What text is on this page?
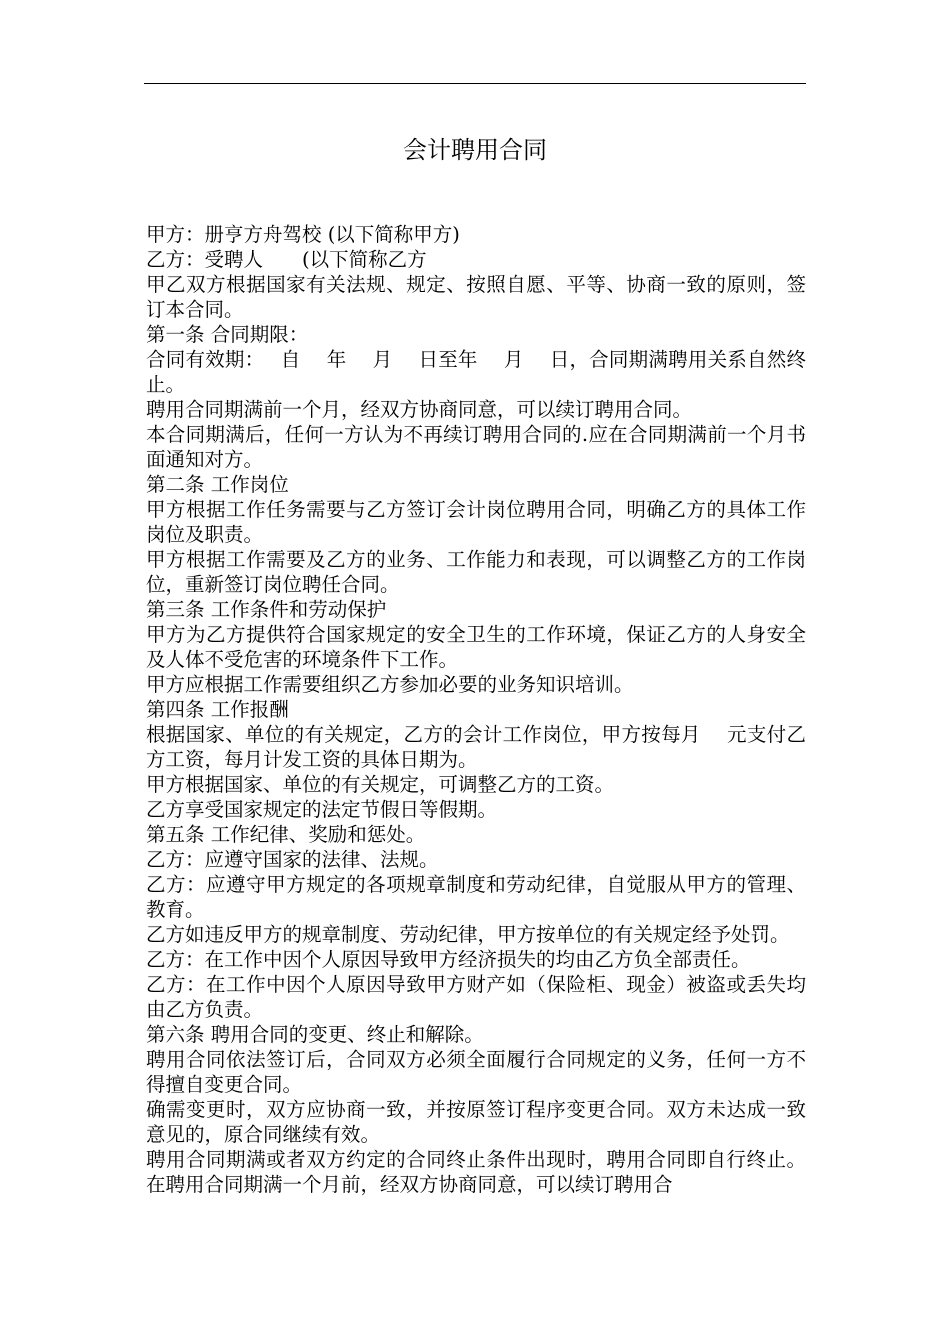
会计聘用合同

甲方：册亨方舟驾校 (以下简称甲方)

乙方：受聘人　　(以下简称乙方

甲乙双方根据国家有关法规、规定、按照自愿、平等、协商一致的原则，签订本合同。

第一条 合同期限：

合同有效期：　 自　 年　 月　 日至年　 月　 日，合同期满聘用关系自然终止。

聘用合同期满前一个月，经双方协商同意，可以续订聘用合同。

本合同期满后，任何一方认为不再续订聘用合同的.应在合同期满前一个月书面通知对方。

第二条 工作岗位

甲方根据工作任务需要与乙方签订会计岗位聘用合同，明确乙方的具体工作岗位及职责。

甲方根据工作需要及乙方的业务、工作能力和表现，可以调整乙方的工作岗位，重新签订岗位聘任合同。

第三条 工作条件和劳动保护

甲方为乙方提供符合国家规定的安全卫生的工作环境，保证乙方的人身安全及人体不受危害的环境条件下工作。

甲方应根据工作需要组织乙方参加必要的业务知识培训。

第四条 工作报酬

根据国家、单位的有关规定，乙方的会计工作岗位，甲方按每月　 元支付乙方工资，每月计发工资的具体日期为。

甲方根据国家、单位的有关规定，可调整乙方的工资。

乙方享受国家规定的法定节假日等假期。

第五条 工作纪律、奖励和惩处。

乙方：应遵守国家的法律、法规。

乙方：应遵守甲方规定的各项规章制度和劳动纪律，自觉服从甲方的管理、教育。

乙方如违反甲方的规章制度、劳动纪律，甲方按单位的有关规定经予处罚。

乙方：在工作中因个人原因导致甲方经济损失的均由乙方负全部责任。

乙方：在工作中因个人原因导致甲方财产如（保险柜、现金）被盗或丢失均由乙方负责。

第六条 聘用合同的变更、终止和解除。

聘用合同依法签订后，合同双方必须全面履行合同规定的义务，任何一方不得擅自变更合同。

确需变更时，双方应协商一致，并按原签订程序变更合同。双方未达成一致意见的，原合同继续有效。

聘用合同期满或者双方约定的合同终止条件出现时，聘用合同即自行终止。在聘用合同期满一个月前，经双方协商同意，可以续订聘用合
